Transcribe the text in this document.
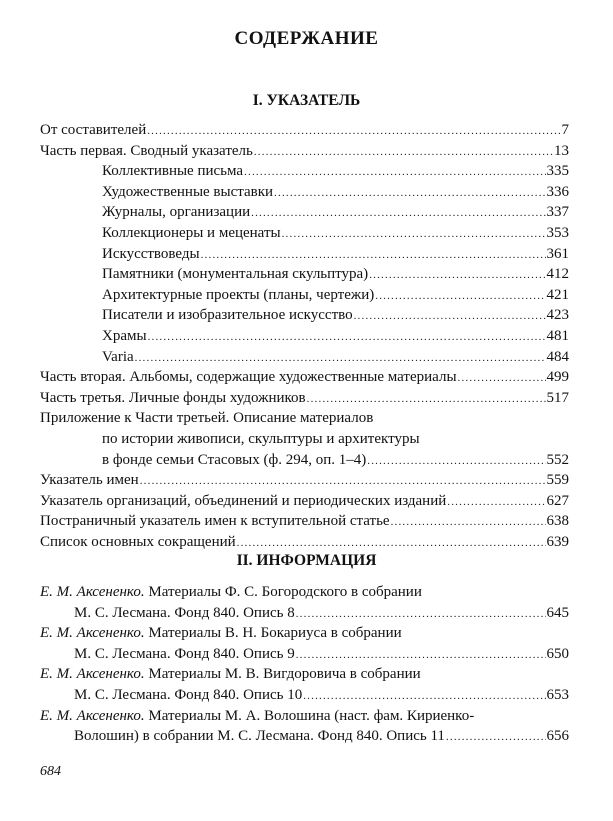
СОДЕРЖАНИЕ
I. УКАЗАТЕЛЬ
От составителей .....	7
Часть первая. Сводный указатель .....	13
Коллективные письма .....	335
Художественные выставки .....	336
Журналы, организации .....	337
Коллекционеры и меценаты .....	353
Искусствоведы .....	361
Памятники (монументальная скульптура) .....	412
Архитектурные проекты (планы, чертежи) .....	421
Писатели и изобразительное искусство .....	423
Храмы .....	481
Varia .....	484
Часть вторая. Альбомы, содержащие художественные материалы .....	499
Часть третья. Личные фонды художников .....	517
Приложение к Части третьей. Описание материалов
по истории живописи, скульптуры и архитектуры
в фонде семьи Стасовых (ф. 294, оп. 1–4) .....	552
Указатель имен .....	559
Указатель организаций, объединений и периодических изданий .....	627
Постраничный указатель имен к вступительной статье .....	638
Список основных сокращений .....	639
II. ИНФОРМАЦИЯ
Е. М. Аксененко. Материалы Ф. С. Богородского в собрании
М. С. Лесмана. Фонд 840. Опись 8 .....	645
Е. М. Аксененко. Материалы В. Н. Бокариуса в собрании
М. С. Лесмана. Фонд 840. Опись 9 .....	650
Е. М. Аксененко. Материалы М. В. Вигдоровича в собрании
М. С. Лесмана. Фонд 840. Опись 10 .....	653
Е. М. Аксененко. Материалы М. А. Волошина (наст. фам. Кириенко-
Волошин) в собрании М. С. Лесмана. Фонд 840. Опись 11 .....	656
684
